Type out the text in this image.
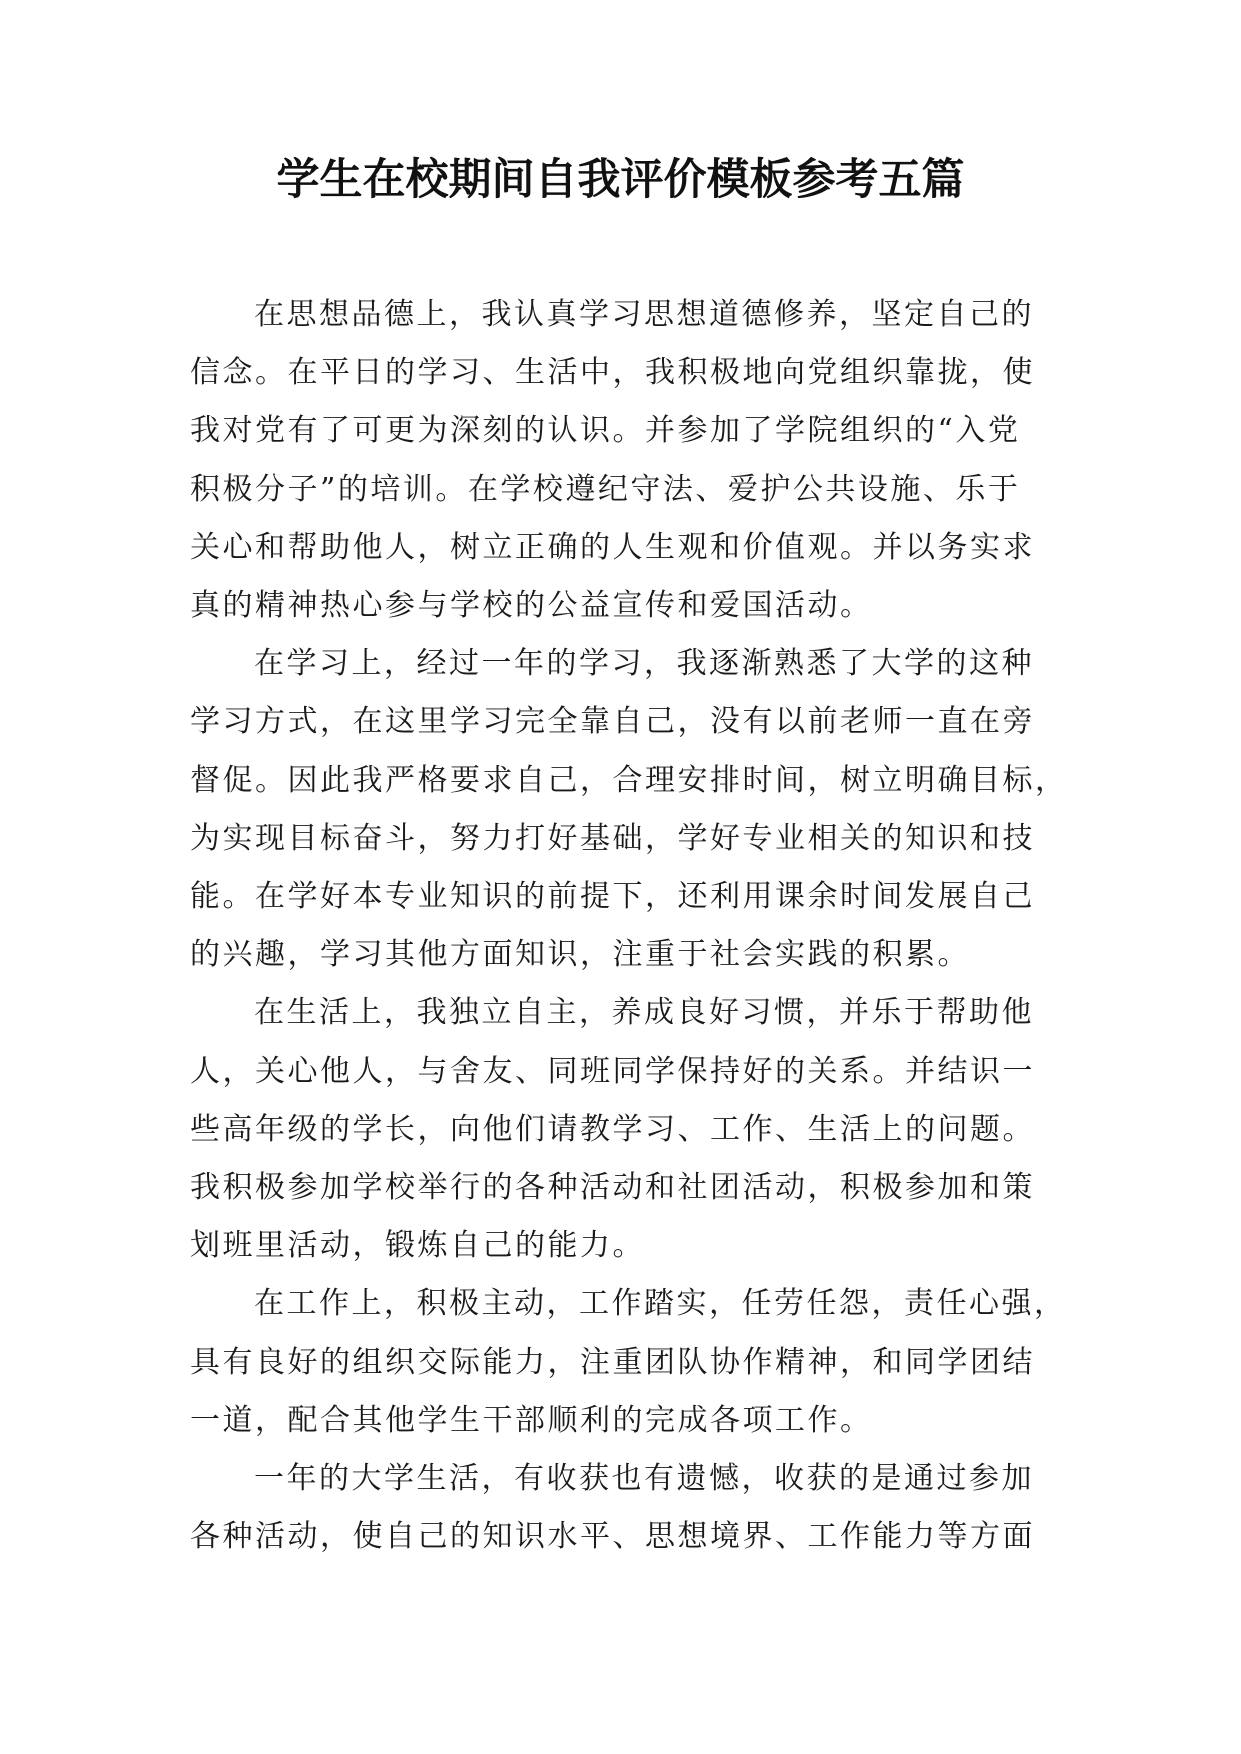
学生在校期间自我评价模板参考五篇

在思想品德上，我认真学习思想道德修养，坚定自己的
信念。在平日的学习、生活中，我积极地向党组织靠拢，使
我对党有了可更为深刻的认识。并参加了学院组织的“入党
积极分子”的培训。在学校遵纪守法、爱护公共设施、乐于
关心和帮助他人，树立正确的人生观和价值观。并以务实求
真的精神热心参与学校的公益宣传和爱国活动。

在学习上，经过一年的学习，我逐渐熟悉了大学的这种
学习方式，在这里学习完全靠自己，没有以前老师一直在旁
督促。因此我严格要求自己，合理安排时间，树立明确目标，
为实现目标奋斗，努力打好基础，学好专业相关的知识和技
能。在学好本专业知识的前提下，还利用课余时间发展自己
的兴趣，学习其他方面知识，注重于社会实践的积累。

在生活上，我独立自主，养成良好习惯，并乐于帮助他
人，关心他人，与舍友、同班同学保持好的关系。并结识一
些高年级的学长，向他们请教学习、工作、生活上的问题。
我积极参加学校举行的各种活动和社团活动，积极参加和策
划班里活动，锻炼自己的能力。

在工作上，积极主动，工作踏实，任劳任怨，责任心强，
具有良好的组织交际能力，注重团队协作精神，和同学团结
一道，配合其他学生干部顺利的完成各项工作。

一年的大学生活，有收获也有遗憾，收获的是通过参加
各种活动，使自己的知识水平、思想境界、工作能力等方面
